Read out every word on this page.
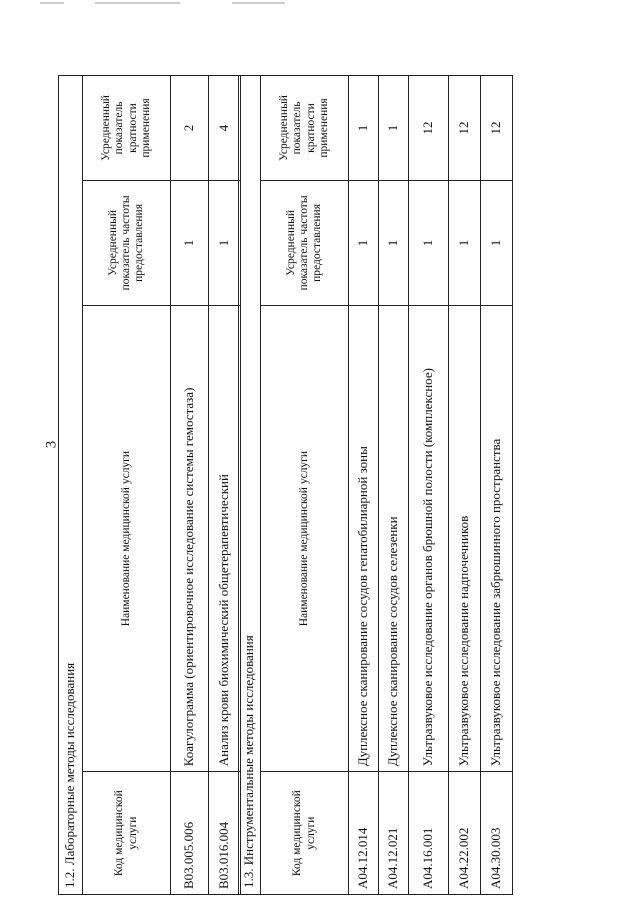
3
1.2. Лабораторные методы исследования			
Код медицинской услуги	Наименование медицинской услуги	Усредненный показатель частоты предоставления	Усредненный показатель кратности применения
B03.005.006	Коагулограмма (ориентировочное исследование системы гемостаза)	1	2
B03.016.004	Анализ крови биохимический общетерапевтический	1	4
1.3. Инструментальные методы исследования			
Код медицинской услуги	Наименование медицинской услуги	Усредненный показатель частоты предоставления	Усредненный показатель кратности применения
A04.12.014	Дуплексное сканирование сосудов гепатобилиарной зоны	1	1
A04.12.021	Дуплексное сканирование сосудов селезенки	1	1
A04.16.001	Ультразвуковое исследование органов брюшной полости (комплексное)	1	12
A04.22.002	Ультразвуковое исследование надпочечников	1	12
A04.30.003	Ультразвуковое исследование забрюшинного пространства	1	12
